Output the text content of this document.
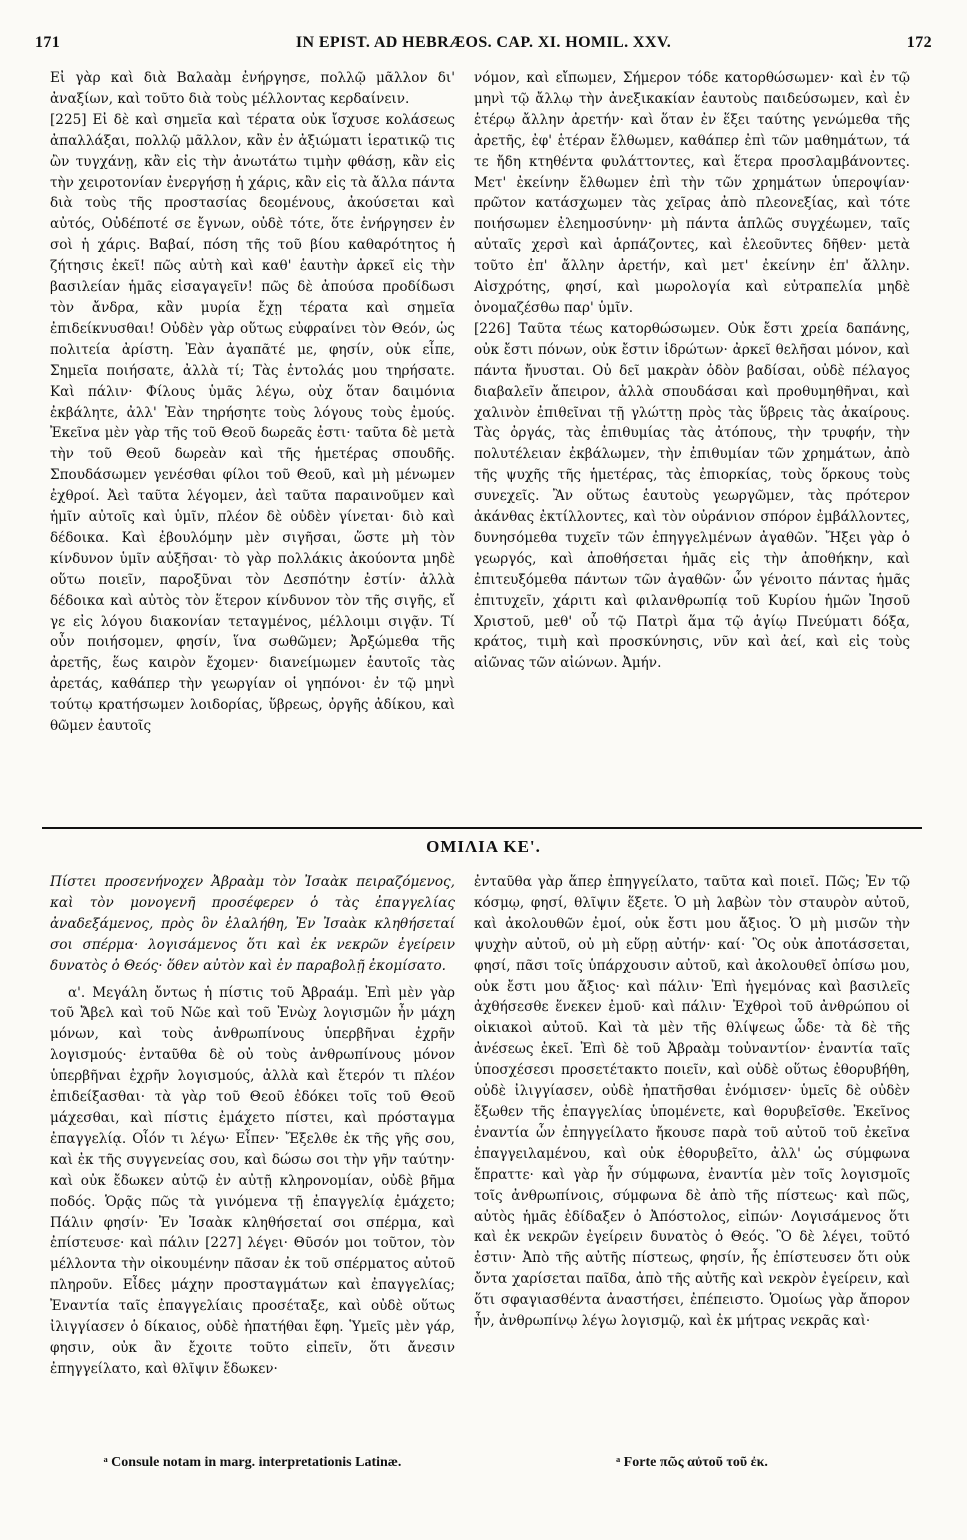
171	IN EPIST. AD HEBRÆOS. CAP. XI. HOMIL. XXV.	172

Εἰ γὰρ καὶ διὰ Βαλαὰμ ἐνήργησε, πολλῷ μᾶλλον δι' ἀναξίων, καὶ τοῦτο διὰ τοὺς μέλλοντας κερδαίνειν.

[225] Εἰ δὲ καὶ σημεῖα καὶ τέρατα οὐκ ἴσχυσε κολάσεως ἀπαλλάξαι, πολλῷ μᾶλλον, κἂν ἐν ἀξιώματι ἱερατικῷ τις ὢν τυγχάνῃ, κἂν εἰς τὴν ἀνωτάτω τιμὴν φθάσῃ, κἂν εἰς τὴν χειροτονίαν ἐνεργήσῃ ἡ χάρις, κἂν εἰς τὰ ἄλλα πάντα διὰ τοὺς τῆς προστασίας δεομένους, ἀκούσεται καὶ αὐτός, Οὐδέποτέ σε ἔγνων, οὐδὲ τότε, ὅτε ἐνήργησεν ἐν σοὶ ἡ χάρις. Βαβαί, πόση τῆς τοῦ βίου καθαρότητος ἡ ζήτησις ἐκεῖ! πῶς αὐτὴ καὶ καθ' ἑαυτὴν ἀρκεῖ εἰς τὴν βασιλείαν ἡμᾶς εἰσαγαγεῖν! πῶς δὲ ἀπούσα προδίδωσι τὸν ἄνδρα, κἂν μυρία ἔχῃ τέρατα καὶ σημεῖα ἐπιδείκνυσθαι! Οὐδὲν γὰρ οὕτως εὐφραίνει τὸν Θεόν, ὡς πολιτεία ἀρίστη. Ἐὰν ἀγαπᾶτέ με, φησίν, οὐκ εἶπε, Σημεῖα ποιήσατε, ἀλλὰ τί; Τὰς ἐντολάς μου τηρήσατε. Καὶ πάλιν· Φίλους ὑμᾶς λέγω, οὐχ ὅταν δαιμόνια ἐκβάλητε, ἀλλ' Ἐὰν τηρήσητε τοὺς λόγους τοὺς ἐμούς. Ἐκεῖνα μὲν γὰρ τῆς τοῦ Θεοῦ δωρεᾶς ἐστι· ταῦτα δὲ μετὰ τὴν τοῦ Θεοῦ δωρεὰν καὶ τῆς ἡμετέρας σπουδῆς. Σπουδάσωμεν γενέσθαι φίλοι τοῦ Θεοῦ, καὶ μὴ μένωμεν ἐχθροί. Ἀεὶ ταῦτα λέγομεν, ἀεὶ ταῦτα παραινοῦμεν καὶ ἡμῖν αὐτοῖς καὶ ὑμῖν, πλέον δὲ οὐδὲν γίνεται· διὸ καὶ δέδοικα. Καὶ ἐβουλόμην μὲν σιγῆσαι, ὥστε μὴ τὸν κίνδυνον ὑμῖν αὐξῆσαι· τὸ γὰρ πολλάκις ἀκούοντα μηδὲ οὕτω ποιεῖν, παροξῦναι τὸν Δεσπότην ἐστίν· ἀλλὰ δέδοικα καὶ αὐτὸς τὸν ἕτερον κίνδυνον τὸν τῆς σιγῆς, εἴ γε εἰς λόγου διακονίαν τεταγμένος, μέλλοιμι σιγᾷν. Τί οὖν ποιήσομεν, φησίν, ἵνα σωθῶμεν; Ἀρξώμεθα τῆς ἀρετῆς, ἕως καιρὸν ἔχομεν· διανείμωμεν ἑαυτοῖς τὰς ἀρετάς, καθάπερ τὴν γεωργίαν οἱ γηπόνοι· ἐν τῷ μηνὶ τούτῳ κρατήσωμεν λοιδορίας, ὕβρεως, ὀργῆς ἀδίκου, καὶ θῶμεν ἑαυτοῖς

νόμον, καὶ εἴπωμεν, Σήμερον τόδε κατορθώσωμεν· καὶ ἐν τῷ μηνὶ τῷ ἄλλῳ τὴν ἀνεξικακίαν ἑαυτοὺς παιδεύσωμεν, καὶ ἐν ἑτέρῳ ἄλλην ἀρετήν· καὶ ὅταν ἐν ἕξει ταύτης γενώμεθα τῆς ἀρετῆς, ἐφ' ἑτέραν ἔλθωμεν, καθάπερ ἐπὶ τῶν μαθημάτων, τά τε ἤδη κτηθέντα φυλάττοντες, καὶ ἕτερα προσλαμβάνοντες. Μετ' ἐκείνην ἔλθωμεν ἐπὶ τὴν τῶν χρημάτων ὑπεροψίαν· πρῶτον κατάσχωμεν τὰς χεῖρας ἀπὸ πλεονεξίας, καὶ τότε ποιήσωμεν ἐλεημοσύνην· μὴ πάντα ἁπλῶς συγχέωμεν, ταῖς αὐταῖς χερσὶ καὶ ἁρπάζοντες, καὶ ἐλεοῦντες δῆθεν· μετὰ τοῦτο ἐπ' ἄλλην ἀρετήν, καὶ μετ' ἐκείνην ἐπ' ἄλλην. Αἰσχρότης, φησί, καὶ μωρολογία καὶ εὐτραπελία μηδὲ ὀνομαζέσθω παρ' ὑμῖν.

[226] Ταῦτα τέως κατορθώσωμεν. Οὐκ ἔστι χρεία δαπάνης, οὐκ ἔστι πόνων, οὐκ ἔστιν ἱδρώτων· ἀρκεῖ θελῆσαι μόνον, καὶ πάντα ἤνυσται. Οὐ δεῖ μακρὰν ὁδὸν βαδίσαι, οὐδὲ πέλαγος διαβαλεῖν ἄπειρον, ἀλλὰ σπουδάσαι καὶ προθυμηθῆναι, καὶ χαλινὸν ἐπιθεῖναι τῇ γλώττῃ πρὸς τὰς ὕβρεις τὰς ἀκαίρους. Τὰς ὀργάς, τὰς ἐπιθυμίας τὰς ἀτόπους, τὴν τρυφήν, τὴν πολυτέλειαν ἐκβάλωμεν, τὴν ἐπιθυμίαν τῶν χρημάτων, ἀπὸ τῆς ψυχῆς τῆς ἡμετέρας, τὰς ἐπιορκίας, τοὺς ὅρκους τοὺς συνεχεῖς. Ἂν οὕτως ἑαυτοὺς γεωργῶμεν, τὰς πρότερον ἀκάνθας ἐκτίλλοντες, καὶ τὸν οὐράνιον σπόρον ἐμβάλλοντες, δυνησόμεθα τυχεῖν τῶν ἐπηγγελμένων ἀγαθῶν. Ἤξει γὰρ ὁ γεωργός, καὶ ἀποθήσεται ἡμᾶς εἰς τὴν ἀποθήκην, καὶ ἐπιτευξόμεθα πάντων τῶν ἀγαθῶν· ὧν γένοιτο πάντας ἡμᾶς ἐπιτυχεῖν, χάριτι καὶ φιλανθρωπίᾳ τοῦ Κυρίου ἡμῶν Ἰησοῦ Χριστοῦ, μεθ' οὗ τῷ Πατρὶ ἅμα τῷ ἁγίῳ Πνεύματι δόξα, κράτος, τιμὴ καὶ προσκύνησις, νῦν καὶ ἀεί, καὶ εἰς τοὺς αἰῶνας τῶν αἰώνων. Ἀμήν.

ΟΜΙΛΙΑ ΚΕ'.

Πίστει προσενήνοχεν Ἀβραὰμ τὸν Ἰσαὰκ πειραζόμενος, καὶ τὸν μονογενῆ προσέφερεν ὁ τὰς ἐπαγγελίας ἀναδεξάμενος, πρὸς ὃν ἐλαλήθη, Ἐν Ἰσαὰκ κληθήσεταί σοι σπέρμα· λογισάμενος ὅτι καὶ ἐκ νεκρῶν ἐγείρειν δυνατὸς ὁ Θεός· ὅθεν αὐτὸν καὶ ἐν παραβολῇ ἐκομίσατο.

α'. Μεγάλη ὄντως ἡ πίστις τοῦ Ἀβραάμ. Ἐπὶ μὲν γὰρ τοῦ Ἄβελ καὶ τοῦ Νῶε καὶ τοῦ Ἐνὼχ λογισμῶν ἦν μάχη μόνων, καὶ τοὺς ἀνθρωπίνους ὑπερβῆναι ἐχρῆν λογισμούς· ἐνταῦθα δὲ οὐ τοὺς ἀνθρωπίνους μόνον ὑπερβῆναι ἐχρῆν λογισμούς, ἀλλὰ καὶ ἕτερόν τι πλέον ἐπιδείξασθαι· τὰ γὰρ τοῦ Θεοῦ ἐδόκει τοῖς τοῦ Θεοῦ μάχεσθαι, καὶ πίστις ἐμάχετο πίστει, καὶ πρόσταγμα ἐπαγγελίᾳ. Οἷόν τι λέγω· Εἶπεν· Ἔξελθε ἐκ τῆς γῆς σου, καὶ ἐκ τῆς συγγενείας σου, καὶ δώσω σοι τὴν γῆν ταύτην· καὶ οὐκ ἔδωκεν αὐτῷ ἐν αὐτῇ κληρονομίαν, οὐδὲ βῆμα ποδός. Ὁρᾷς πῶς τὰ γινόμενα τῇ ἐπαγγελίᾳ ἐμάχετο; Πάλιν φησίν· Ἐν Ἰσαὰκ κληθήσεταί σοι σπέρμα, καὶ ἐπίστευσε· καὶ πάλιν [227] λέγει· Θῦσόν μοι τοῦτον, τὸν μέλλοντα τὴν οἰκουμένην πᾶσαν ἐκ τοῦ σπέρματος αὐτοῦ πληροῦν. Εἶδες μάχην προσταγμάτων καὶ ἐπαγγελίας; Ἐναντία ταῖς ἐπαγγελίαις προσέταξε, καὶ οὐδὲ οὕτως ἰλιγγίασεν ὁ δίκαιος, οὐδὲ ἠπατήθαι ἔφη. Ὑμεῖς μὲν γάρ, φησιν, οὐκ ἂν ἔχοιτε τοῦτο εἰπεῖν, ὅτι ἄνεσιν ἐπηγγείλατο, καὶ θλῖψιν ἔδωκεν·

ἐνταῦθα γὰρ ἅπερ ἐπηγγείλατο, ταῦτα καὶ ποιεῖ. Πῶς; Ἐν τῷ κόσμῳ, φησί, θλῖψιν ἕξετε. Ὁ μὴ λαβὼν τὸν σταυρὸν αὐτοῦ, καὶ ἀκολουθῶν ἐμοί, οὐκ ἔστι μου ἄξιος. Ὁ μὴ μισῶν τὴν ψυχὴν αὐτοῦ, οὐ μὴ εὕρῃ αὐτήν· καί· Ὃς οὐκ ἀποτάσσεται, φησί, πᾶσι τοῖς ὑπάρχουσιν αὐτοῦ, καὶ ἀκολουθεῖ ὀπίσω μου, οὐκ ἔστι μου ἄξιος· καὶ πάλιν· Ἐπὶ ἡγεμόνας καὶ βασιλεῖς ἀχθήσεσθε ἕνεκεν ἐμοῦ· καὶ πάλιν· Ἐχθροὶ τοῦ ἀνθρώπου οἱ οἰκιακοὶ αὐτοῦ. Καὶ τὰ μὲν τῆς θλίψεως ὧδε· τὰ δὲ τῆς ἀνέσεως ἐκεῖ. Ἐπὶ δὲ τοῦ Ἀβραὰμ τοὐναντίον· ἐναντία ταῖς ὑποσχέσεσι προσετέτακτο ποιεῖν, καὶ οὐδὲ οὕτως ἐθορυβήθη, οὐδὲ ἰλιγγίασεν, οὐδὲ ἠπατῆσθαι ἐνόμισεν· ὑμεῖς δὲ οὐδὲν ἔξωθεν τῆς ἐπαγγελίας ὑπομένετε, καὶ θορυβεῖσθε. Ἐκεῖνος ἐναντία ὧν ἐπηγγείλατο ἤκουσε παρὰ τοῦ αὐτοῦ τοῦ ἐκεῖνα ἐπαγγειλαμένου, καὶ οὐκ ἐθορυβεῖτο, ἀλλ' ὡς σύμφωνα ἔπραττε· καὶ γὰρ ἦν σύμφωνα, ἐναντία μὲν τοῖς λογισμοῖς τοῖς ἀνθρωπίνοις, σύμφωνα δὲ ἀπὸ τῆς πίστεως· καὶ πῶς, αὐτὸς ἡμᾶς ἐδίδαξεν ὁ Ἀπόστολος, εἰπών· Λογισάμενος ὅτι καὶ ἐκ νεκρῶν ἐγείρειν δυνατὸς ὁ Θεός. Ὃ δὲ λέγει, τοῦτό ἐστιν· Ἀπὸ τῆς αὐτῆς πίστεως, φησίν, ἧς ἐπίστευσεν ὅτι οὐκ ὄντα χαρίσεται παῖδα, ἀπὸ τῆς αὐτῆς καὶ νεκρὸν ἐγείρειν, καὶ ὅτι σφαγιασθέντα ἀναστήσει, ἐπέπειστο. Ὁμοίως γὰρ ἄπορον ἦν, ἀνθρωπίνῳ λέγω λογισμῷ, καὶ ἐκ μήτρας νεκρᾶς καὶ·

ᵃ Consule notam in marg. interpretationis Latinæ.	ᵃ Forte πῶς αὐτοῦ τοῦ ἐκ.
